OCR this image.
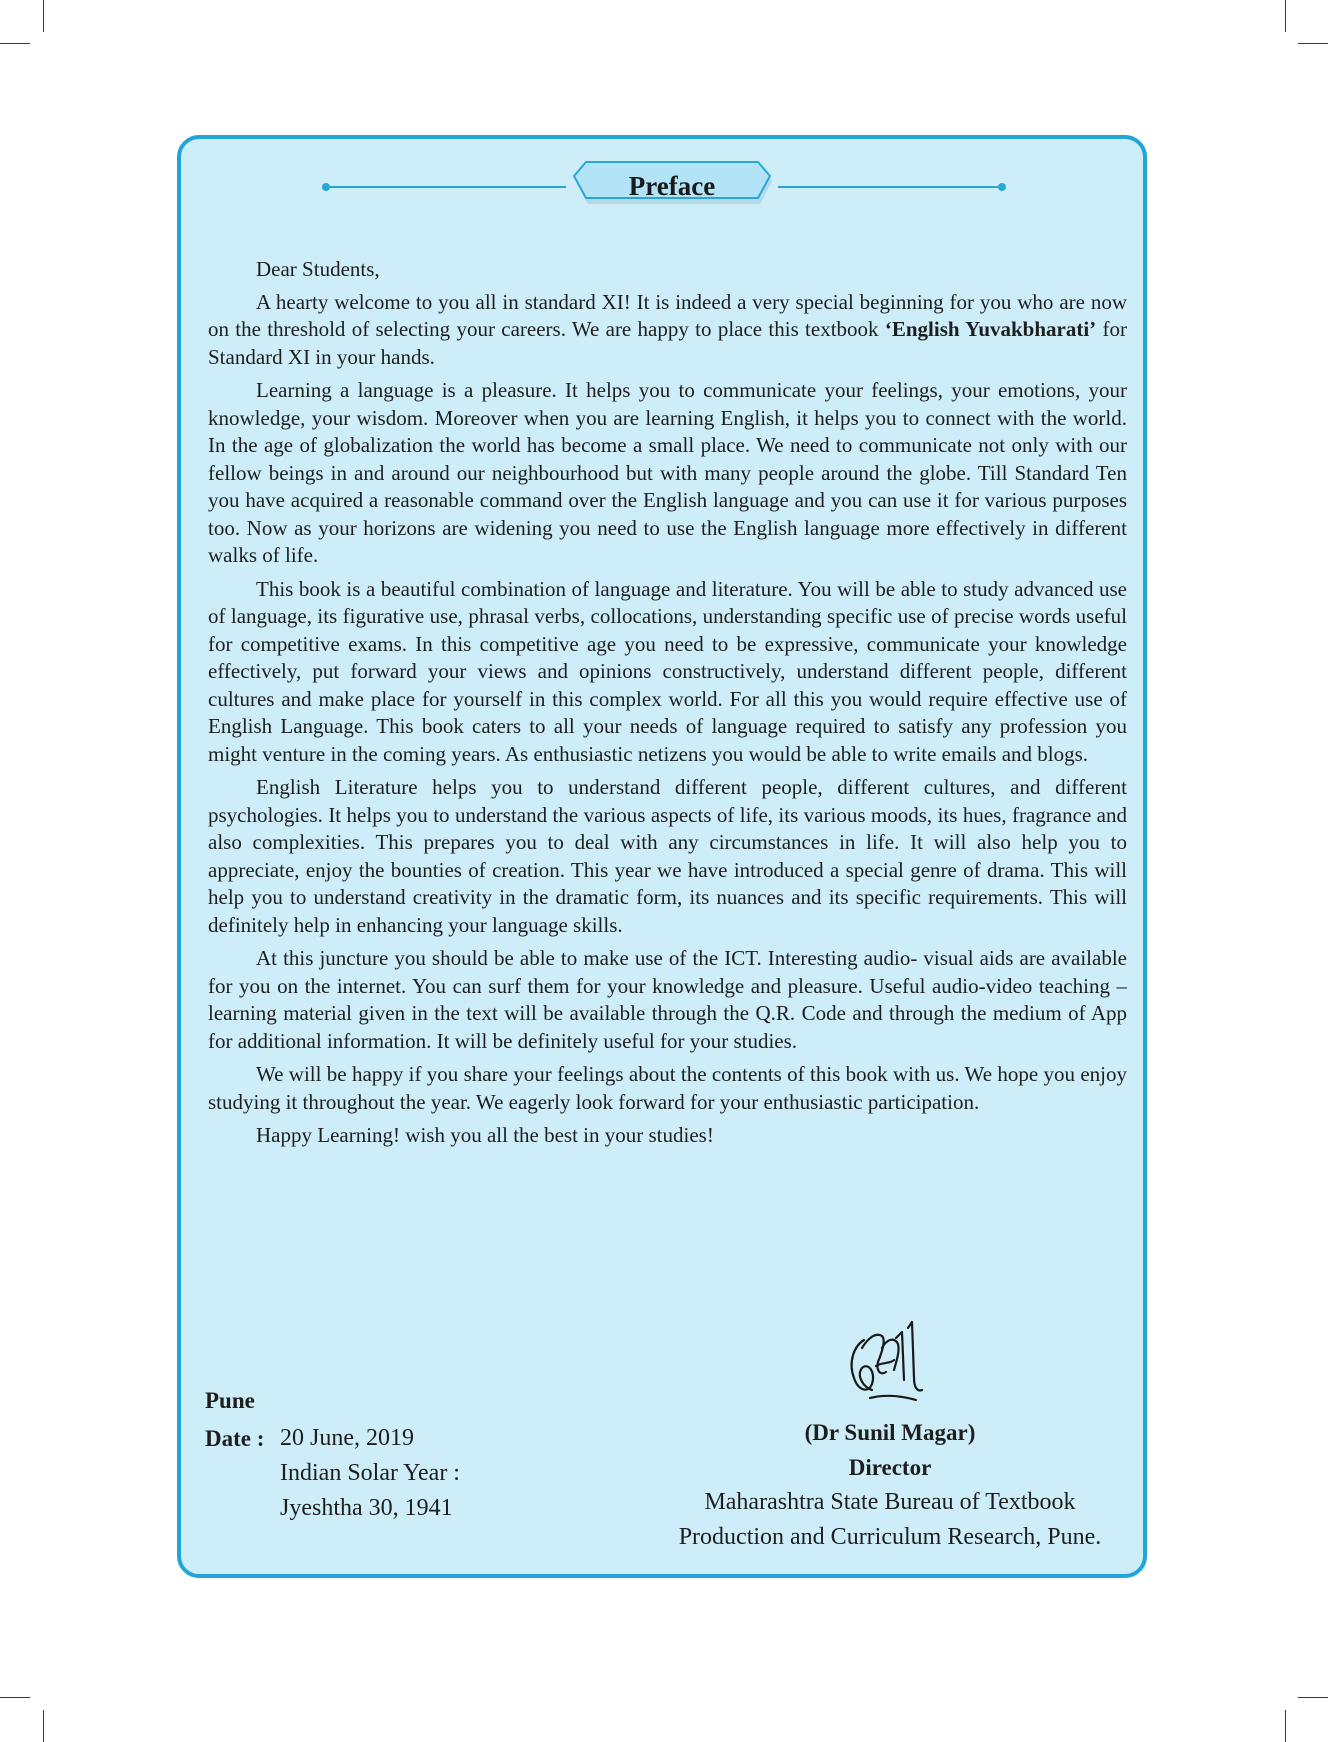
Preface

Dear Students,

A hearty welcome to you all in standard XI! It is indeed a very special beginning for you who are now on the threshold of selecting your careers. We are happy to place this textbook ‘English Yuvakbharati’ for Standard XI in your hands.

Learning a language is a pleasure. It helps you to communicate your feelings, your emotions, your knowledge, your wisdom. Moreover when you are learning English, it helps you to connect with the world. In the age of globalization the world has become a small place. We need to communicate not only with our fellow beings in and around our neighbourhood but with many people around the globe. Till Standard Ten you have acquired a reasonable command over the English language and you can use it for various purposes too. Now as your horizons are widening you need to use the English language more effectively in different walks of life.

This book is a beautiful combination of language and literature. You will be able to study advanced use of language, its figurative use, phrasal verbs, collocations, understanding specific use of precise words useful for competitive exams. In this competitive age you need to be expressive, communicate your knowledge effectively, put forward your views and opinions constructively, understand different people, different cultures and make place for yourself in this complex world. For all this you would require effective use of English Language. This book caters to all your needs of language required to satisfy any profession you might venture in the coming years. As enthusiastic netizens you would be able to write emails and blogs.

English Literature helps you to understand different people, different cultures, and different psychologies. It helps you to understand the various aspects of life, its various moods, its hues, fragrance and also complexities. This prepares you to deal with any circumstances in life. It will also help you to appreciate, enjoy the bounties of creation. This year we have introduced a special genre of drama. This will help you to understand creativity in the dramatic form, its nuances and its specific requirements. This will definitely help in enhancing your language skills.

At this juncture you should be able to make use of the ICT. Interesting audio- visual aids are available for you on the internet. You can surf them for your knowledge and pleasure. Useful audio-video teaching – learning material given in the text will be available through the Q.R. Code and through the medium of App for additional information. It will be definitely useful for your studies.

We will be happy if you share your feelings about the contents of this book with us. We hope you enjoy studying it throughout the year. We eagerly look forward for your enthusiastic participation.

Happy Learning! wish you all the best in your studies!

Pune
Date : 20 June, 2019
Indian Solar Year :
Jyeshtha 30, 1941
(Dr Sunil Magar)
Director
Maharashtra State Bureau of Textbook
Production and Curriculum Research, Pune.
